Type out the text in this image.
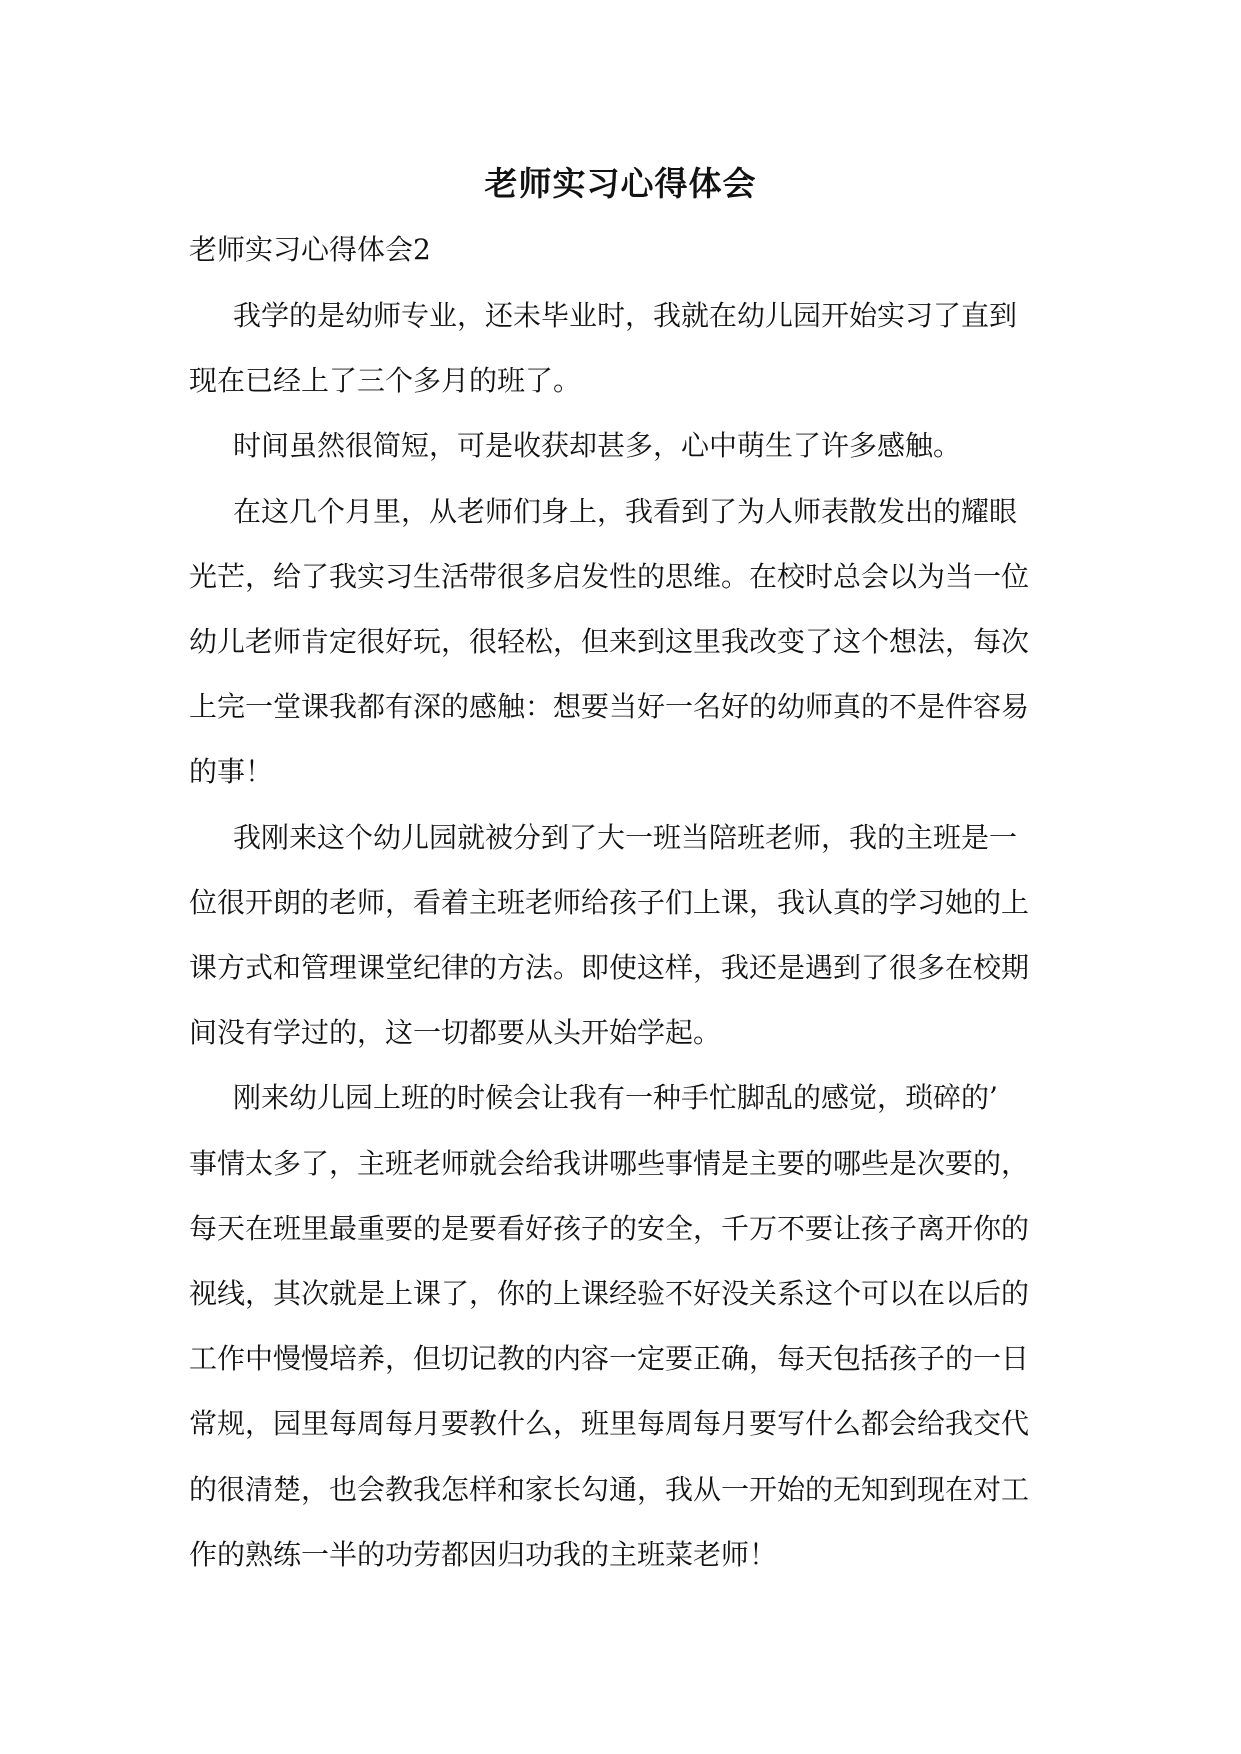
老师实习心得体会
老师实习心得体会2
我学的是幼师专业，还未毕业时，我就在幼儿园开始实习了直到
现在已经上了三个多月的班了。
时间虽然很简短，可是收获却甚多，心中萌生了许多感触。
在这几个月里，从老师们身上，我看到了为人师表散发出的耀眼
光芒，给了我实习生活带很多启发性的思维。在校时总会以为当一位
幼儿老师肯定很好玩，很轻松，但来到这里我改变了这个想法，每次
上完一堂课我都有深的感触：想要当好一名好的幼师真的不是件容易
的事！
我刚来这个幼儿园就被分到了大一班当陪班老师，我的主班是一
位很开朗的老师，看着主班老师给孩子们上课，我认真的学习她的上
课方式和管理课堂纪律的方法。即使这样，我还是遇到了很多在校期
间没有学过的，这一切都要从头开始学起。
刚来幼儿园上班的时候会让我有一种手忙脚乱的感觉，琐碎的’
事情太多了，主班老师就会给我讲哪些事情是主要的哪些是次要的，
每天在班里最重要的是要看好孩子的安全，千万不要让孩子离开你的
视线，其次就是上课了，你的上课经验不好没关系这个可以在以后的
工作中慢慢培养，但切记教的内容一定要正确，每天包括孩子的一日
常规，园里每周每月要教什么，班里每周每月要写什么都会给我交代
的很清楚，也会教我怎样和家长勾通，我从一开始的无知到现在对工
作的熟练一半的功劳都因归功我的主班菜老师！
